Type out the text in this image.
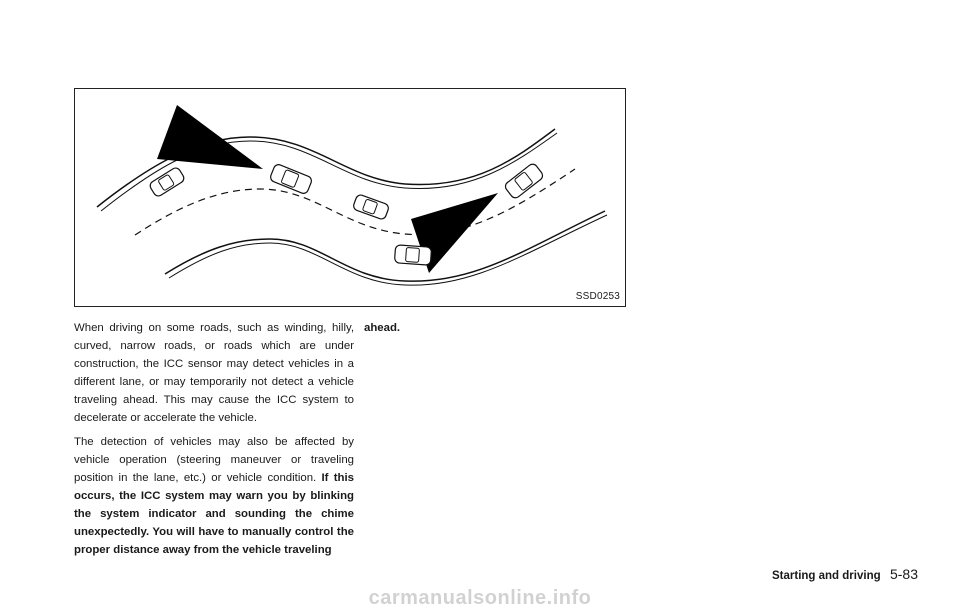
SSD0253

When driving on some roads, such as winding, hilly, curved, narrow roads, or roads which are under construction, the ICC sensor may detect vehicles in a different lane, or may temporarily not detect a vehicle traveling ahead. This may cause the ICC system to decelerate or accelerate the vehicle.

The detection of vehicles may also be affected by vehicle operation (steering maneuver or traveling position in the lane, etc.) or vehicle condition. If this occurs, the ICC system may warn you by blinking the system indicator and sounding the chime unexpectedly. You will have to manually control the proper distance away from the vehicle traveling

ahead.

Starting and driving 5-83
carmanualsonline.info
